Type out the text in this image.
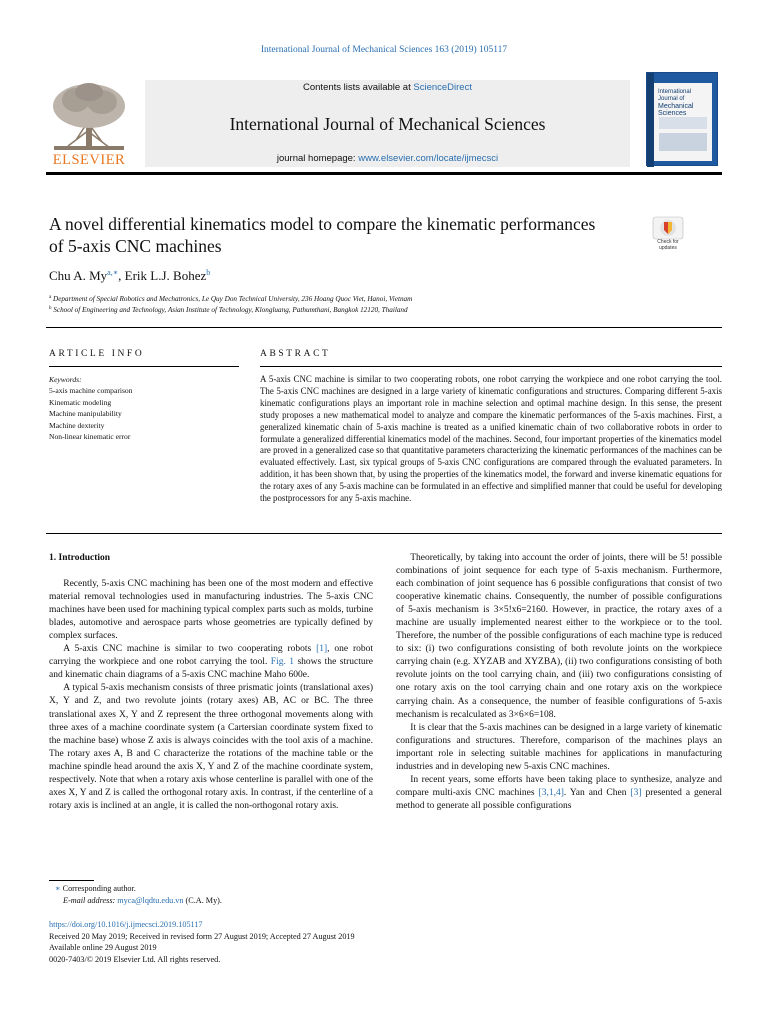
International Journal of Mechanical Sciences 163 (2019) 105117
ELSEVIER
Contents lists available at ScienceDirect
International Journal of Mechanical Sciences
journal homepage: www.elsevier.com/locate/ijmecsci
International Journal of
Mechanical
Sciences
A novel differential kinematics model to compare the kinematic performances of 5-axis CNC machines	Check for updates
Chu A. $My^{a,∗}$, Erik L.J. Bohez$^b$
$^a$ Department of Special Robotics and Mechatronics, Le Quy Don Technical University, 236 Hoang Quoc Viet, Hanoi, Vietnam
$^b$ School of Engineering and Technology, Asian Institute of Technology, Klongluang, Pathumthani, Bangkok 12120, Thailand
ARTICLE INFO	ABSTRACT
Keywords:
5-axis machine comparison
Kinematic modeling
Machine manipulability
Machine dexterity
Non-linear kinematic error
A 5-axis CNC machine is similar to two cooperating robots, one robot carrying the workpiece and one robot carrying the tool. The 5-axis CNC machines are designed in a large variety of kinematic configurations and structures. Comparing different 5-axis kinematic configurations plays an important role in machine selection and optimal machine design. In this sense, the present study proposes a new mathematical model to analyze and compare the kinematic performances of the 5-axis machines. First, a generalized kinematic chain of 5-axis machine is treated as a unified kinematic chain of two collaborative robots in order to formulate a generalized differential kinematics model of the machines. Second, four important properties of the kinematics model are proved in a generalized case so that quantitative parameters characterizing the kinematic performances of the machines can be evaluated effectively. Last, six typical groups of 5-axis CNC configurations are compared through the evaluated parameters. In addition, it has been shown that, by using the properties of the kinematics model, the forward and inverse kinematic equations for the rotary axes of any 5-axis machine can be formulated in an effective and simplified manner that could be useful for developing the postprocessors for any 5-axis machine.
1. Introduction

Recently, 5-axis CNC machining has been one of the most modern and effective material removal technologies used in manufacturing industries. The 5-axis CNC machines have been used for machining typical complex parts such as molds, turbine blades, automotive and aerospace parts whose geometries are typically defined by complex surfaces.

A 5-axis CNC machine is similar to two cooperating robots [1], one robot carrying the workpiece and one robot carrying the tool. Fig. 1 shows the structure and kinematic chain diagrams of a 5-axis CNC machine Maho 600e.

A typical 5-axis mechanism consists of three prismatic joints (translational axes) X, Y and Z, and two revolute joints (rotary axes) AB, AC or BC. The three translational axes X, Y and Z represent the three orthogonal movements along with three axes of a machine coordinate system (a Cartersian coordinate system fixed to the machine base) whose Z axis is always coincides with the tool axis of a machine. The rotary axes A, B and C characterize the rotations of the machine table or the machine spindle head around the axis X, Y and Z of the machine coordinate system, respectively. Note that when a rotary axis whose centerline is parallel with one of the axes X, Y and Z is called the orthogonal rotary axis. In contrast, if the centerline of a rotary axis is inclined at an angle, it is called the non-orthogonal rotary axis.

Theoretically, by taking into account the order of joints, there will be 5! possible combinations of joint sequence for each type of 5-axis mechanism. Furthermore, each combination of joint sequence has 6 possible configurations that consist of two cooperative kinematic chains. Consequently, the number of possible configurations of 5-axis mechanism is 3×5!x6=2160. However, in practice, the rotary axes of a machine are usually implemented nearest either to the workpiece or to the tool. Therefore, the number of the possible configurations of each machine type is reduced to six: (i) two configurations consisting of both revolute joints on the workpiece carrying chain (e.g. XYZAB and XYZBA), (ii) two configurations consisting of both revolute joints on the tool carrying chain, and (iii) two configurations consisting of one rotary axis on the tool carrying chain and one rotary axis on the workpiece carrying chain. As a consequence, the number of feasible configurations of 5-axis mechanism is recalculated as 3×6×6=108.

It is clear that the 5-axis machines can be designed in a large variety of kinematic configurations and structures. Therefore, comparison of the machines plays an important role in selecting suitable machines for applications in manufacturing industries and in developing new 5-axis CNC machines.

In recent years, some efforts have been taking place to synthesize, analyze and compare multi-axis CNC machines [3,1,4]. Yan and Chen [3] presented a general method to generate all possible configurations

∗ Corresponding author.
E-mail address: myca@lqdtu.edu.vn (C.A. My).
https://doi.org/10.1016/j.ijmecsci.2019.105117
Received 20 May 2019; Received in revised form 27 August 2019; Accepted 27 August 2019
Available online 29 August 2019
0020-7403/© 2019 Elsevier Ltd. All rights reserved.
